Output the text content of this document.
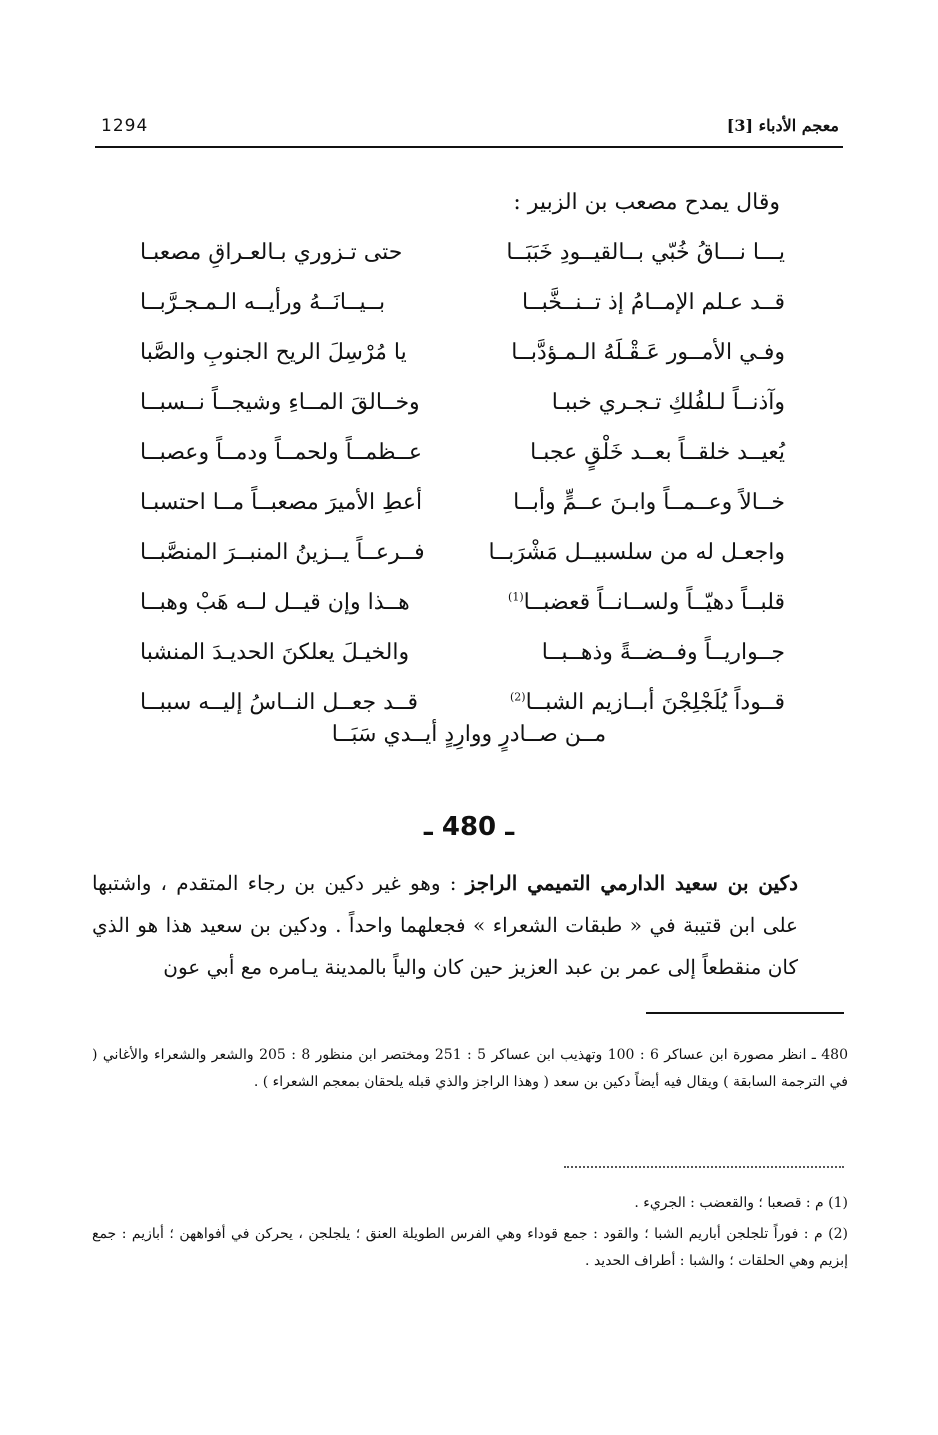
1294	معجم الأدباء [3]
وقال يمدح مصعب بن الزبير :
يـــا نـــاقُ خُبّي بــالقيــودِ خَبَبَــا
حتى تـزوري بـالعـراقِ مصعبـا
قــد عـلم الإمــامُ إذ تــنــخَّبــا
بــيــانَــهُ ورأيــه الـمـجـرَّبــا
وفـي الأمــور عَـقْـلَهُ الـمـؤدَّبــا
يا مُرْسِلَ الريح الجنوبِ والصَّبا
وآذنــاً لـلفُلكِ تـجـري خببـا
وخــالقَ المــاءِ وشيجــاً نــسبــا
يُعيــد خلقــاً بعــد خَلْقٍ عجبـا
عــظمــاً ولحمــاً ودمــاً وعصبــا
خــالاً وعــمــاً وابـنَ عــمٍّ وأبــا
أعطِ الأميرَ مصعبــاً مــا احتسبـا
واجعـل له من سلسبيــل مَشْرَبــا
فــرعــاً يــزينُ المنبــرَ المنصَّبــا
قلبــاً دهيّــاً ولســانــاً قعضبــا$^{(1)}$
هــذا وإن قيــل لــه هَبْ وهبــا
جــواريــاً وفــضــةً وذهــبــا
والخيـلَ يعلكنَ الحديـدَ المنشبا
قــوداً يُلَجْلِجْنَ أبــازيم الشبــا$^{(2)}$
قــد جعــل النــاسُ إليــه سببــا
مــن صــادرٍ ووارِدٍ أيــدي سَبَــا
ـ 480 ـ
دكين بن سعيد الدارمي التميمي الراجز : وهو غير دكين بن رجاء المتقدم ، واشتبها على ابن قتيبة في « طبقات الشعراء » فجعلهما واحداً . ودكين بن سعيد هذا هو الذي كان منقطعاً إلى عمر بن عبد العزيز حين كان والياً بالمدينة يـامره مع أبي عون
480 ـ انظر مصورة ابن عساكر 6 : 100 وتهذيب ابن عساكر 5 : 251 ومختصر ابن منظور 8 : 205 والشعر والشعراء والأغاني ( في الترجمة السابقة ) ويقال فيه أيضاً دكين بن سعد ( وهذا الراجز والذي قبله يلحقان بمعجم الشعراء ) .
(1) م : قصعبا ؛ والقعضب : الجريء .
(2) م : فوراً تلجلجن أباريم الشبا ؛ والقود : جمع قوداء وهي الفرس الطويلة العنق ؛ يلجلجن ، يحركن في أفواههن ؛ أبازيم : جمع إبزيم وهي الحلقات ؛ والشبا : أطراف الحديد .
